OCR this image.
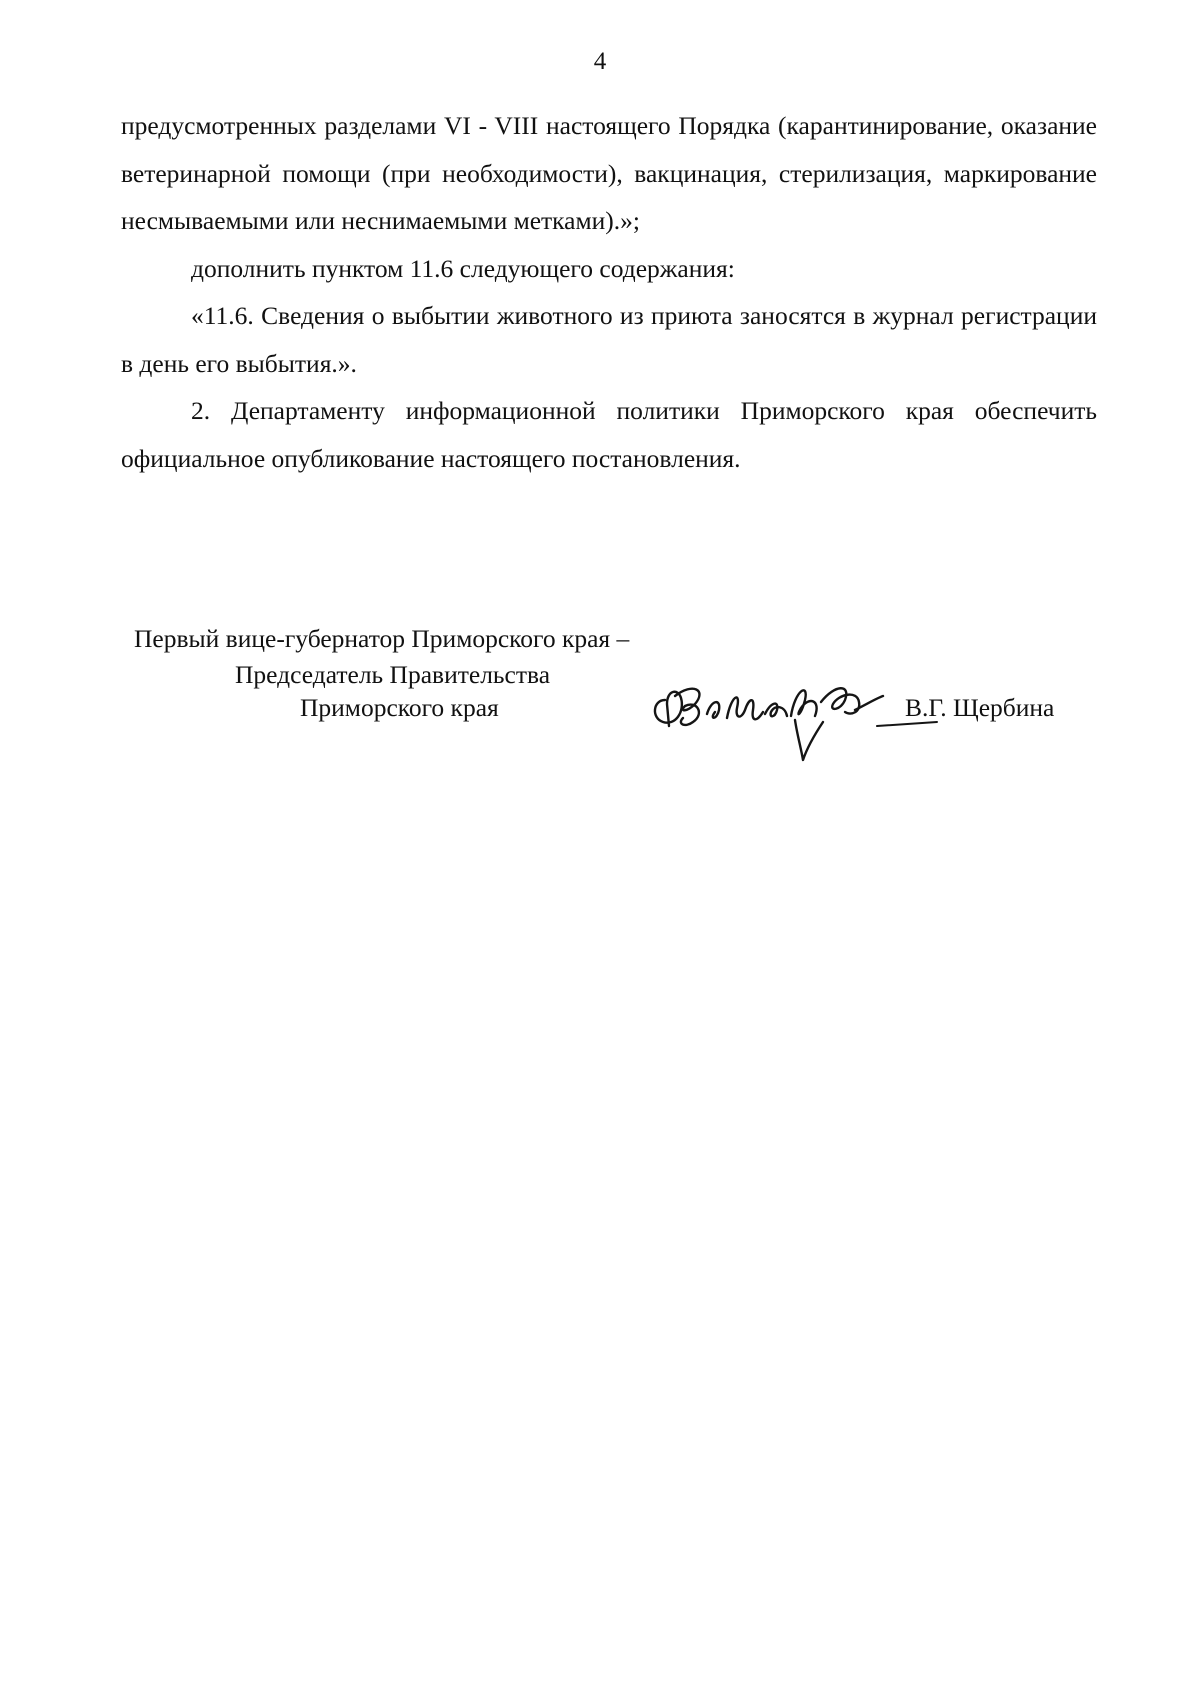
4

предусмотренных разделами VI - VIII настоящего Порядка (карантинирование, оказание ветеринарной помощи (при необходимости), вакцинация, стерилизация, маркирование несмываемыми или неснимаемыми метками).»;

дополнить пунктом 11.6 следующего содержания:

«11.6. Сведения о выбытии животного из приюта заносятся в журнал регистрации в день его выбытия.».

2. Департаменту информационной политики Приморского края обеспечить официальное опубликование настоящего постановления.

Первый вице-губернатор Приморского края –

Председатель Правительства

Приморского края	В.Г. Щербина
